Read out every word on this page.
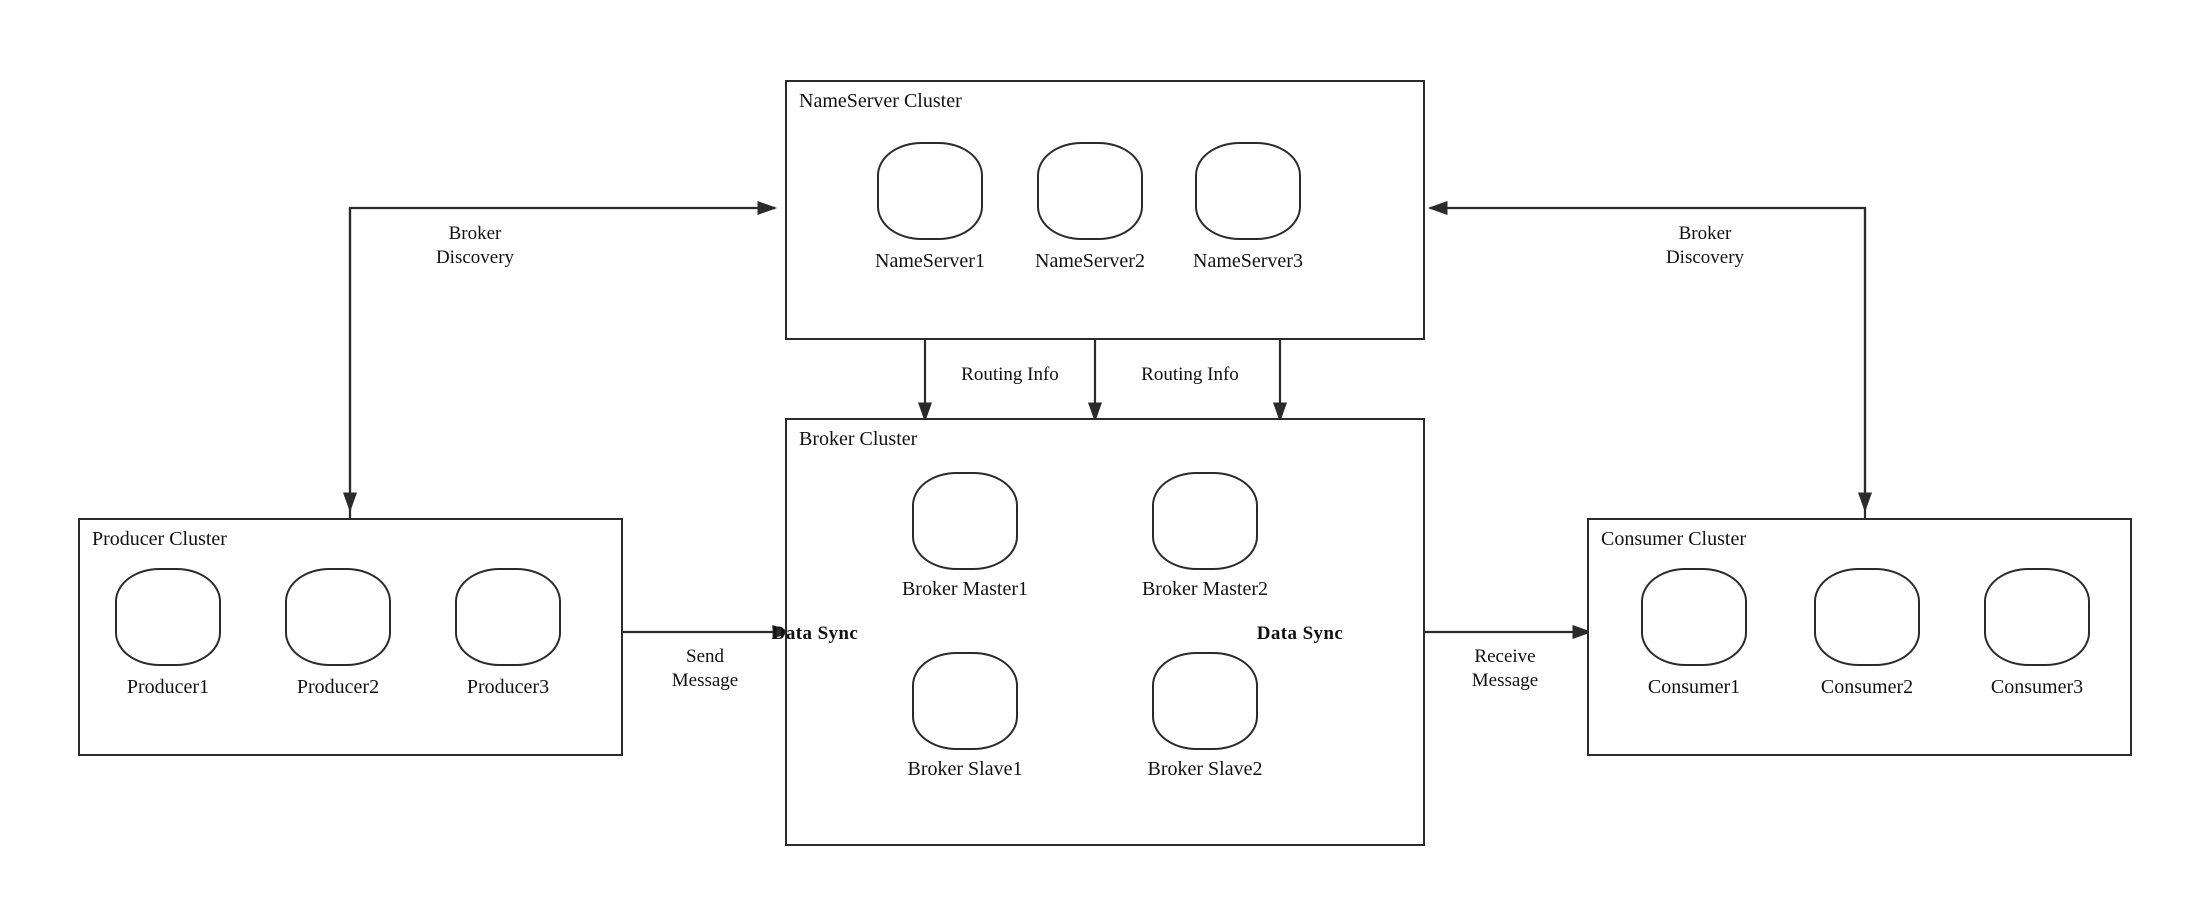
NameServer Cluster
NameServer1	NameServer2	NameServer3
Broker Cluster
Broker Master1	Broker Master2
Broker Slave1	Broker Slave2
Producer Cluster
Producer1	Producer2	Producer3
Consumer Cluster
Consumer1	Consumer2	Consumer3
Broker
Discovery
Broker
Discovery
Routing Info	Routing Info
Send
Message
Receive
Message
Data Sync	Data Sync
